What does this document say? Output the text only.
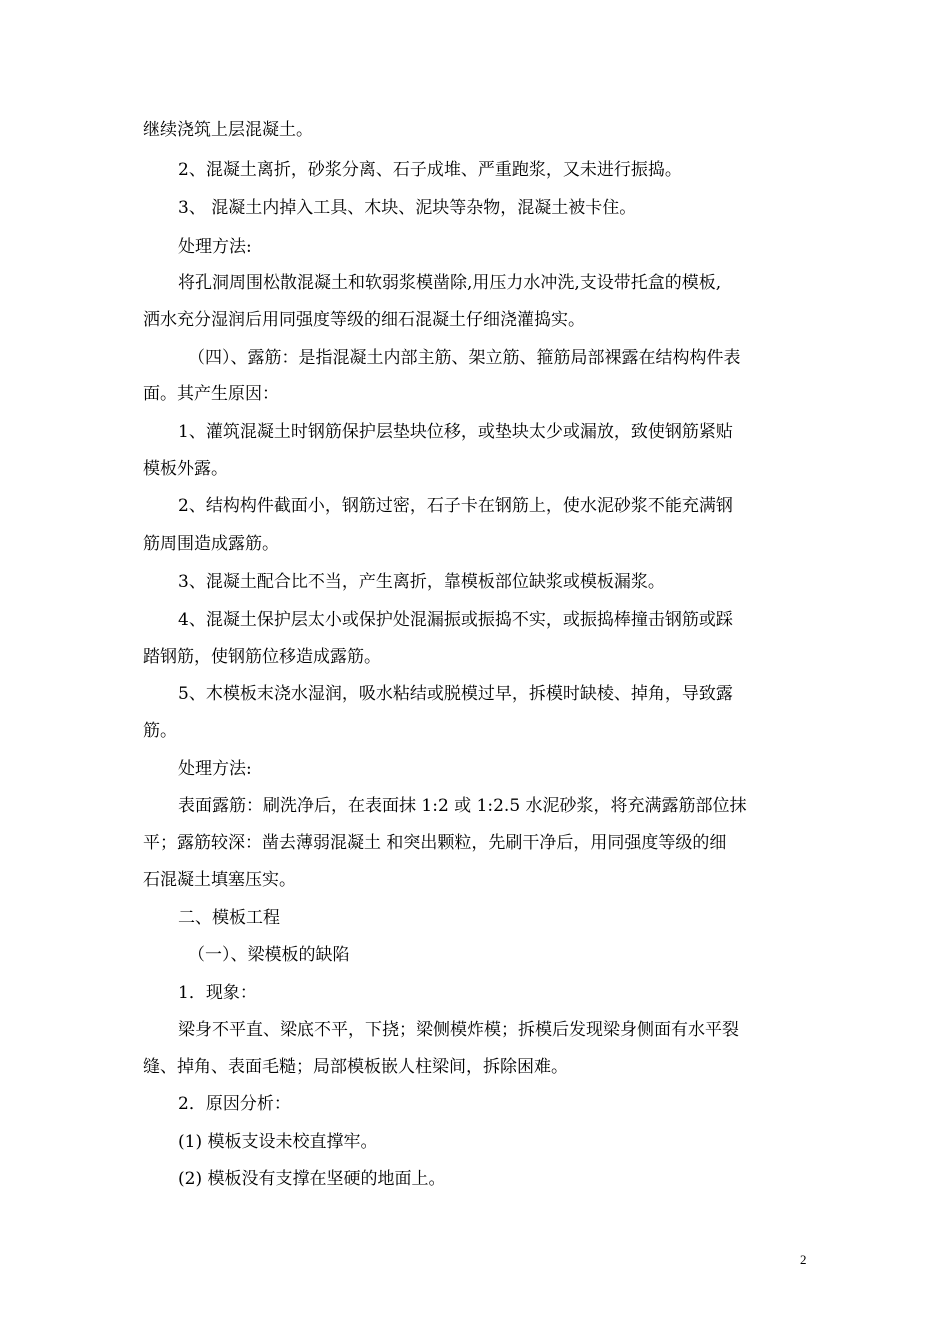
继续浇筑上层混凝土。
2、混凝土离折，砂浆分离、石子成堆、严重跑浆，又未进行振捣。
3、 混凝土内掉入工具、木块、泥块等杂物，混凝土被卡住。
处理方法:
将孔洞周围松散混凝土和软弱浆模凿除,用压力水冲洗,支设带托盒的模板,
洒水充分湿润后用同强度等级的细石混凝土仔细浇灌捣实。
（四）、露筋：是指混凝土内部主筋、架立筋、箍筋局部裸露在结构构件表
面。其产生原因：
1、灌筑混凝土时钢筋保护层垫块位移，或垫块太少或漏放，致使钢筋紧贴
模板外露。
2、结构构件截面小，钢筋过密，石子卡在钢筋上，使水泥砂浆不能充满钢
筋周围造成露筋。
3、混凝土配合比不当，产生离折，靠模板部位缺浆或模板漏浆。
4、混凝土保护层太小或保护处混漏振或振捣不实，或振捣棒撞击钢筋或踩
踏钢筋，使钢筋位移造成露筋。
5、木模板末浇水湿润，吸水粘结或脱模过早，拆模时缺棱、掉角，导致露
筋。
处理方法:
表面露筋：刷洗净后，在表面抹 1:2 或 1:2.5 水泥砂浆，将充满露筋部位抹
平；露筋较深：凿去薄弱混凝土 和突出颗粒，先刷干净后，用同强度等级的细
石混凝土填塞压实。
二、模板工程
（一）、梁模板的缺陷
1．现象：
梁身不平直、梁底不平，下挠；梁侧模炸模；拆模后发现梁身侧面有水平裂
缝、掉角、表面毛糙；局部模板嵌人柱梁间，拆除困难。
2．原因分析：
(1) 模板支设未校直撑牢。
(2) 模板没有支撑在坚硬的地面上。
2
